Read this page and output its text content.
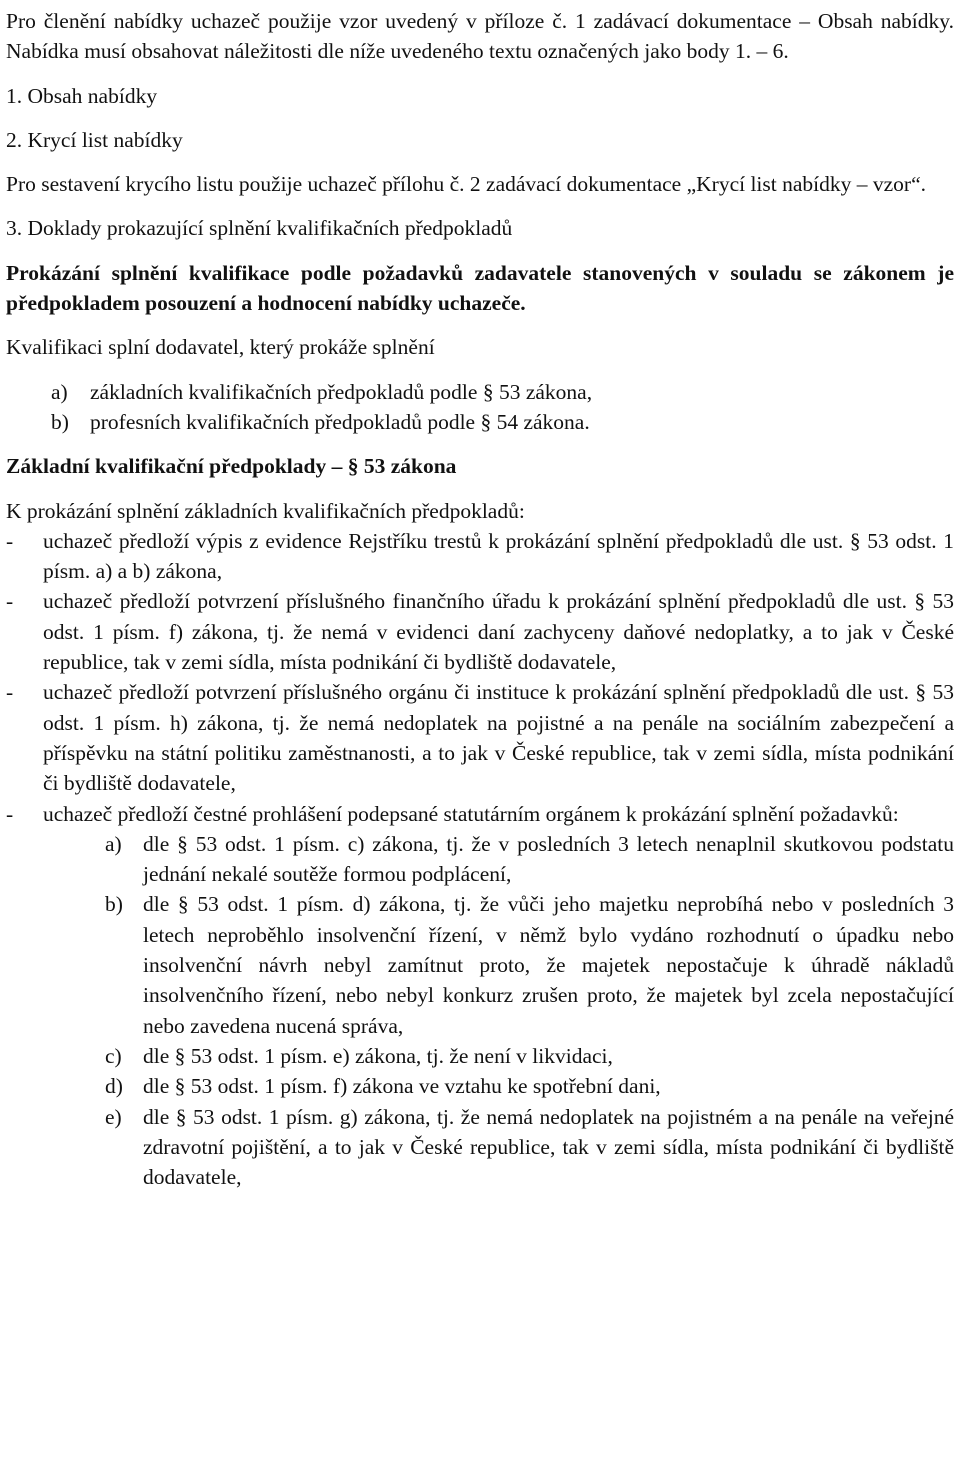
Pro členění nabídky uchazeč použije vzor uvedený v příloze č. 1 zadávací dokumentace – Obsah nabídky. Nabídka musí obsahovat náležitosti dle níže uvedeného textu označených jako body 1. – 6.

1. Obsah nabídky

2. Krycí list nabídky

Pro sestavení krycího listu použije uchazeč přílohu č. 2 zadávací dokumentace „Krycí list nabídky – vzor“.

3. Doklady prokazující splnění kvalifikačních předpokladů

Prokázání splnění kvalifikace podle požadavků zadavatele stanovených v souladu se zákonem je předpokladem posouzení a hodnocení nabídky uchazeče.

Kvalifikaci splní dodavatel, který prokáže splnění

a) základních kvalifikačních předpokladů podle § 53 zákona,
b) profesních kvalifikačních předpokladů podle § 54 zákona.

Základní kvalifikační předpoklady – § 53 zákona

K prokázání splnění základních kvalifikačních předpokladů:

- uchazeč předloží výpis z evidence Rejstříku trestů k prokázání splnění předpokladů dle ust. § 53 odst. 1 písm. a) a b) zákona,
- uchazeč předloží potvrzení příslušného finančního úřadu k prokázání splnění předpokladů dle ust. § 53 odst. 1 písm. f) zákona, tj. že nemá v evidenci daní zachyceny daňové nedoplatky, a to jak v České republice, tak v zemi sídla, místa podnikání či bydliště dodavatele,
- uchazeč předloží potvrzení příslušného orgánu či instituce k prokázání splnění předpokladů dle ust. § 53 odst. 1 písm. h) zákona, tj. že nemá nedoplatek na pojistné a na penále na sociálním zabezpečení a příspěvku na státní politiku zaměstnanosti, a to jak v České republice, tak v zemi sídla, místa podnikání či bydliště dodavatele,
- uchazeč předloží čestné prohlášení podepsané statutárním orgánem k prokázání splnění požadavků:
a) dle § 53 odst. 1 písm. c) zákona, tj. že v posledních 3 letech nenaplnil skutkovou podstatu jednání nekalé soutěže formou podplácení,
b) dle § 53 odst. 1 písm. d) zákona, tj. že vůči jeho majetku neprobíhá nebo v posledních 3 letech neproběhlo insolvenční řízení, v němž bylo vydáno rozhodnutí o úpadku nebo insolvenční návrh nebyl zamítnut proto, že majetek nepostačuje k úhradě nákladů insolvenčního řízení, nebo nebyl konkurz zrušen proto, že majetek byl zcela nepostačující nebo zavedena nucená správa,
c) dle § 53 odst. 1 písm. e) zákona, tj. že není v likvidaci,
d) dle § 53 odst. 1 písm. f) zákona ve vztahu ke spotřební dani,
e) dle § 53 odst. 1 písm. g) zákona, tj. že nemá nedoplatek na pojistném a na penále na veřejné zdravotní pojištění, a to jak v České republice, tak v zemi sídla, místa podnikání či bydliště dodavatele,
